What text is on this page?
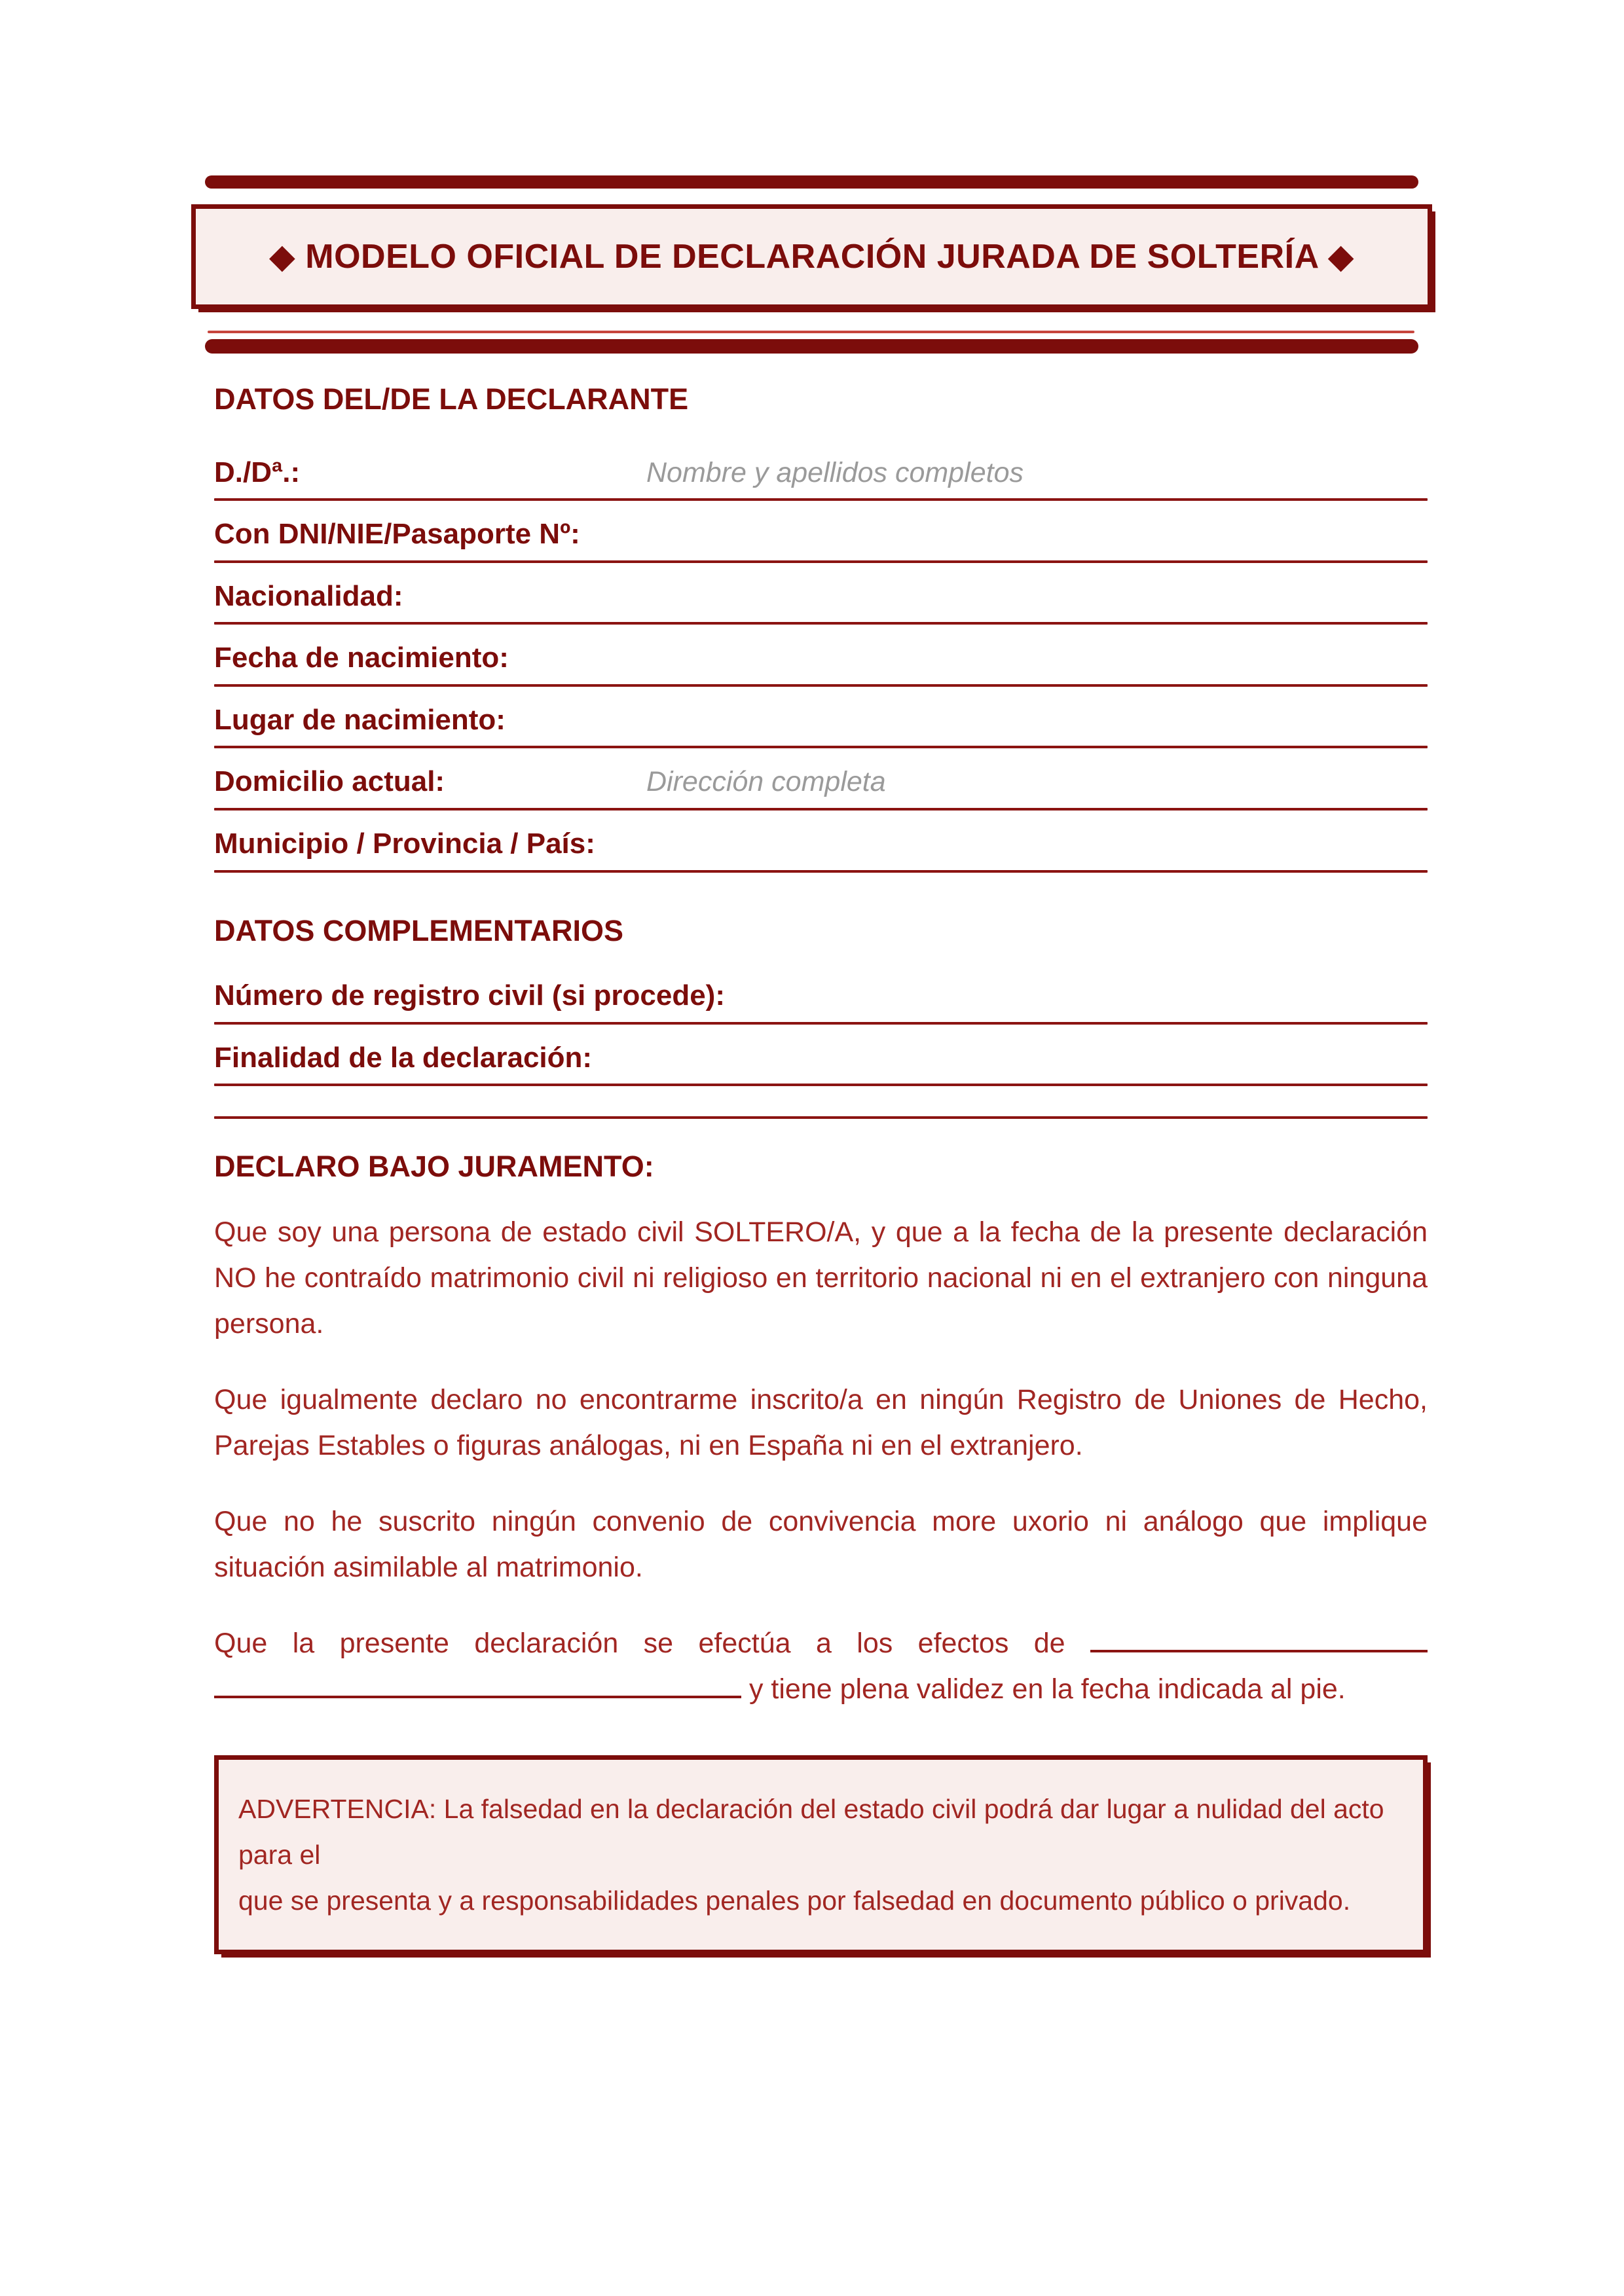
◆ MODELO OFICIAL DE DECLARACIÓN JURADA DE SOLTERÍA ◆
DATOS DEL/DE LA DECLARANTE
D./Dª.:	Nombre y apellidos completos
Con DNI/NIE/Pasaporte Nº:
Nacionalidad:
Fecha de nacimiento:
Lugar de nacimiento:
Domicilio actual:	Dirección completa
Municipio / Provincia / País:
DATOS COMPLEMENTARIOS
Número de registro civil (si procede):
Finalidad de la declaración:
DECLARO BAJO JURAMENTO:

Que soy una persona de estado civil SOLTERO/A, y que a la fecha de la presente declaración NO he contraído matrimonio civil ni religioso en territorio nacional ni en el extranjero con ninguna persona.

Que igualmente declaro no encontrarme inscrito/a en ningún Registro de Uniones de Hecho, Parejas Estables o figuras análogas, ni en España ni en el extranjero.

Que no he suscrito ningún convenio de convivencia more uxorio ni análogo que implique situación asimilable al matrimonio.

Que la presente declaración se efectúa a los efectos de   y tiene plena validez en la fecha indicada al pie.

ADVERTENCIA: La falsedad en la declaración del estado civil podrá dar lugar a nulidad del acto para el
que se presenta y a responsabilidades penales por falsedad en documento público o privado.
